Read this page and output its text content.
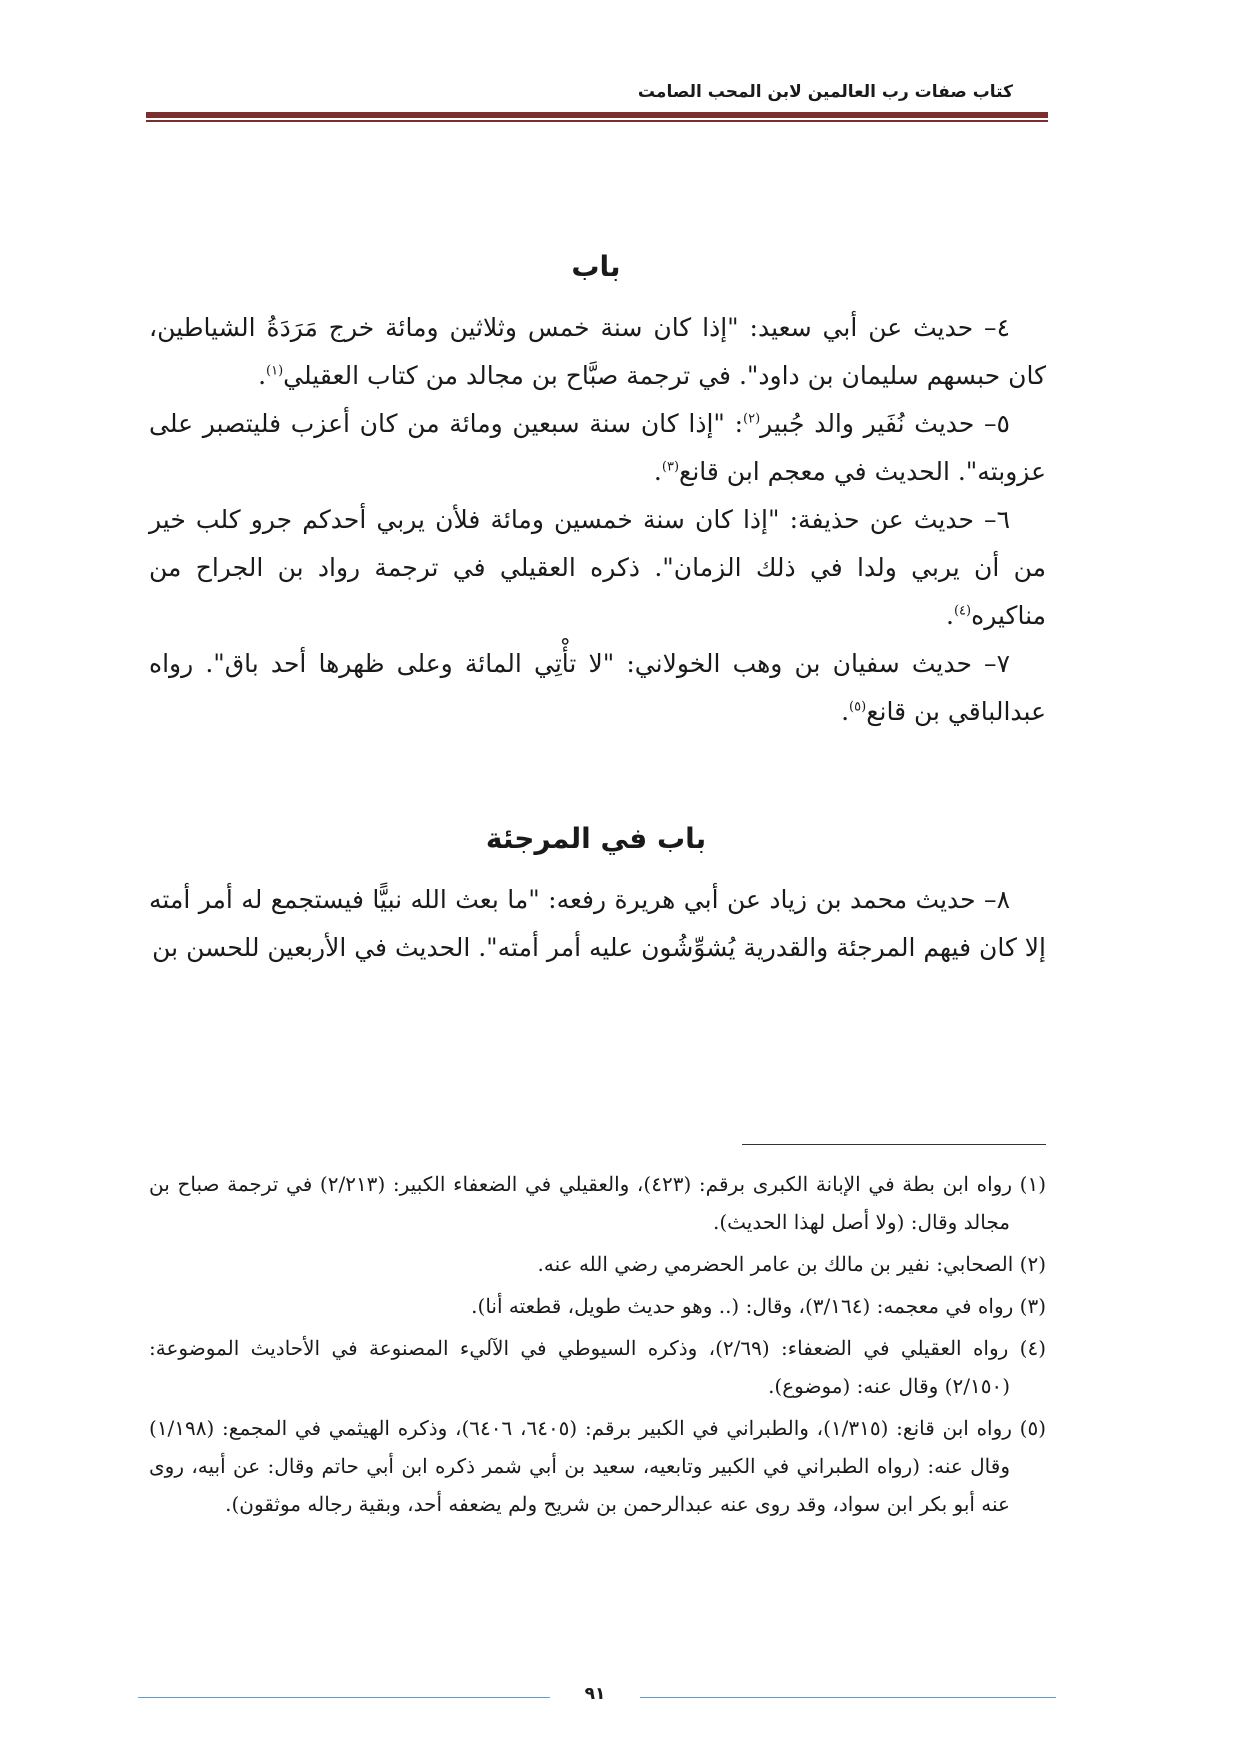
كتاب صفات رب العالمين لابن المحب الصامت
باب

٤– حديث عن أبي سعيد: "إذا كان سنة خمس وثلاثين ومائة خرج مَرَدَةُ الشياطين، كان حبسهم سليمان بن داود". في ترجمة صبَّاح بن مجالد من كتاب العقيلي$^{(١)}$.

٥– حديث نُفَير والد جُبير$^{(٢)}$: "إذا كان سنة سبعين ومائة من كان أعزب فليتصبر على عزوبته". الحديث في معجم ابن قانع$^{(٣)}$.

٦– حديث عن حذيفة: "إذا كان سنة خمسين ومائة فلأن يربي أحدكم جرو كلب خير من أن يربي ولدا في ذلك الزمان". ذكره العقيلي في ترجمة رواد بن الجراح من مناكيره$^{(٤)}$.

٧– حديث سفيان بن وهب الخولاني: "لا تأْتِي المائة وعلى ظهرها أحد باق". رواه عبدالباقي بن قانع$^{(٥)}$.

باب في المرجئة

٨– حديث محمد بن زياد عن أبي هريرة رفعه: "ما بعث الله نبيًّا فيستجمع له أمر أمته إلا كان فيهم المرجئة والقدرية يُشوِّشُون عليه أمر أمته". الحديث في الأربعين للحسن بن

(١) رواه ابن بطة في الإبانة الكبرى برقم: (٤٢٣)، والعقيلي في الضعفاء الكبير: (٢/٢١٣) في ترجمة صباح بن مجالد وقال: (ولا أصل لهذا الحديث).

(٢) الصحابي: نفير بن مالك بن عامر الحضرمي رضي الله عنه.

(٣) رواه في معجمه: (٣/١٦٤)، وقال: (.. وهو حديث طويل، قطعته أنا).

(٤) رواه العقيلي في الضعفاء: (٢/٦٩)، وذكره السيوطي في الآليء المصنوعة في الأحاديث الموضوعة: (٢/١٥٠) وقال عنه: (موضوع).

(٥) رواه ابن قانع: (١/٣١٥)، والطبراني في الكبير برقم: (٦٤٠٥، ٦٤٠٦)، وذكره الهيثمي في المجمع: (١/١٩٨) وقال عنه: (رواه الطبراني في الكبير وتابعيه، سعيد بن أبي شمر ذكره ابن أبي حاتم وقال: عن أبيه، روى عنه أبو بكر ابن سواد، وقد روى عنه عبدالرحمن بن شريح ولم يضعفه أحد، وبقية رجاله موثقون).

٩١
